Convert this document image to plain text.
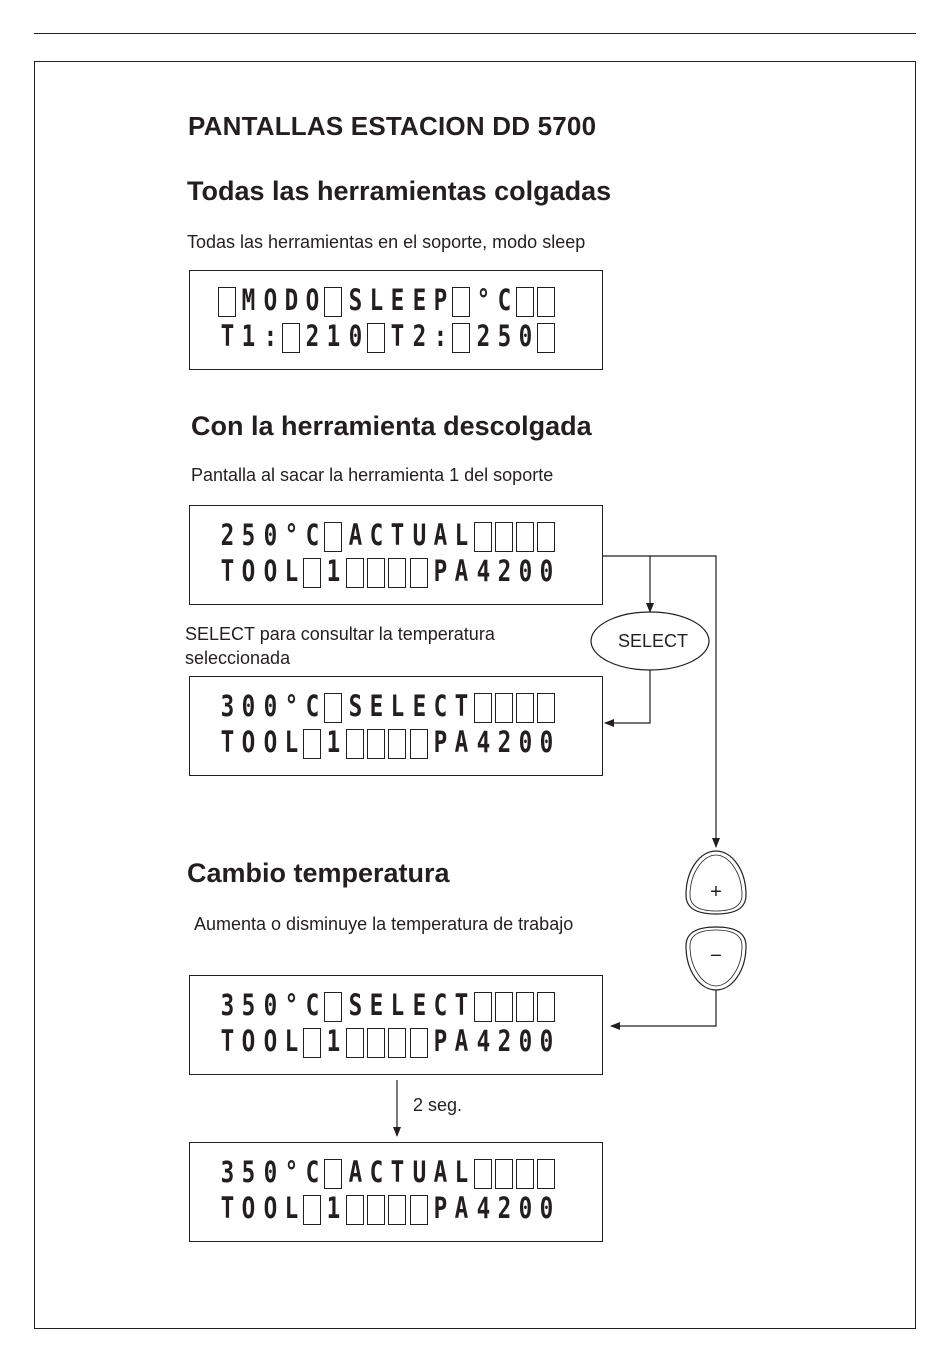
PANTALLAS ESTACION DD 5700
Todas las herramientas colgadas
Todas las herramientas en el soporte, modo sleep
M O D O S L E E P ° C
T 1 : 2 1 0 T 2 : 2 5 0
Con la herramienta descolgada
Pantalla al sacar la herramienta 1 del soporte
2 5 0 ° C A C T U A L
T O O L 1	P A 4 2 0 0
SELECT para consultar la temperatura
seleccionada
3 0 0 ° C S E L E C T
T O O L 1	P A 4 2 0 0
Cambio temperatura
Aumenta o disminuye la temperatura de trabajo
3 5 0 ° C S E L E C T
T O O L 1	P A 4 2 0 0
2 seg.
3 5 0 ° C A C T U A L
T O O L 1	P A 4 2 0 0
SELECT
+
−
